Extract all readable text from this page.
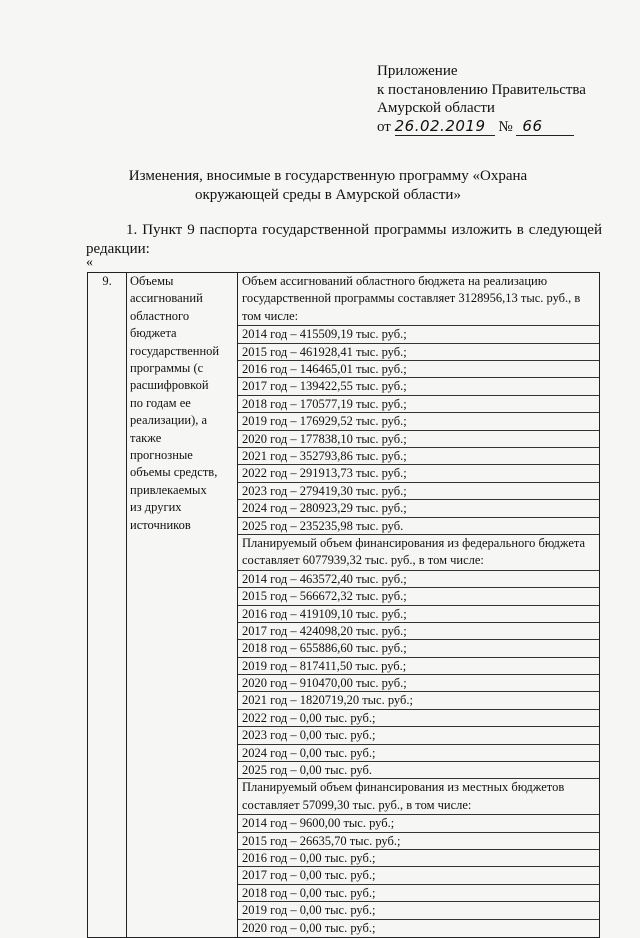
Приложение
к постановлению Правительства
Амурской области
от 26.02.2019 № 66
Изменения, вносимые в государственную программу «Охрана окружающей среды в Амурской области»
1. Пункт 9 паспорта государственной программы изложить в следующей редакции:
«
9.	Объемы
ассигнований
областного
бюджета
государственной
программы (с
расшифровкой
по годам ее
реализации), а
также
прогнозные
объемы средств,
привлекаемых
из других
источников

Объем ассигнований областного бюджета на реализацию государственной программы составляет 3128956,13 тыс. руб., в том числе:
2014 год – 415509,19 тыс. руб.;
2015 год – 461928,41 тыс. руб.;
2016 год – 146465,01 тыс. руб.;
2017 год – 139422,55 тыс. руб.;
2018 год – 170577,19 тыс. руб.;
2019 год – 176929,52 тыс. руб.;
2020 год – 177838,10 тыс. руб.;
2021 год – 352793,86 тыс. руб.;
2022 год – 291913,73 тыс. руб.;
2023 год – 279419,30 тыс. руб.;
2024 год – 280923,29 тыс. руб.;
2025 год – 235235,98 тыс. руб.
Планируемый объем финансирования из федерального бюджета составляет 6077939,32 тыс. руб., в том числе:
2014 год – 463572,40 тыс. руб.;
2015 год – 566672,32 тыс. руб.;
2016 год – 419109,10 тыс. руб.;
2017 год – 424098,20 тыс. руб.;
2018 год – 655886,60 тыс. руб.;
2019 год – 817411,50 тыс. руб.;
2020 год – 910470,00 тыс. руб.;
2021 год – 1820719,20 тыс. руб.;
2022 год – 0,00 тыс. руб.;
2023 год – 0,00 тыс. руб.;
2024 год – 0,00 тыс. руб.;
2025 год – 0,00 тыс. руб.
Планируемый объем финансирования из местных бюджетов составляет 57099,30 тыс. руб., в том числе:
2014 год – 9600,00 тыс. руб.;
2015 год – 26635,70 тыс. руб.;
2016 год – 0,00 тыс. руб.;
2017 год – 0,00 тыс. руб.;
2018 год – 0,00 тыс. руб.;
2019 год – 0,00 тыс. руб.;
2020 год – 0,00 тыс. руб.;
